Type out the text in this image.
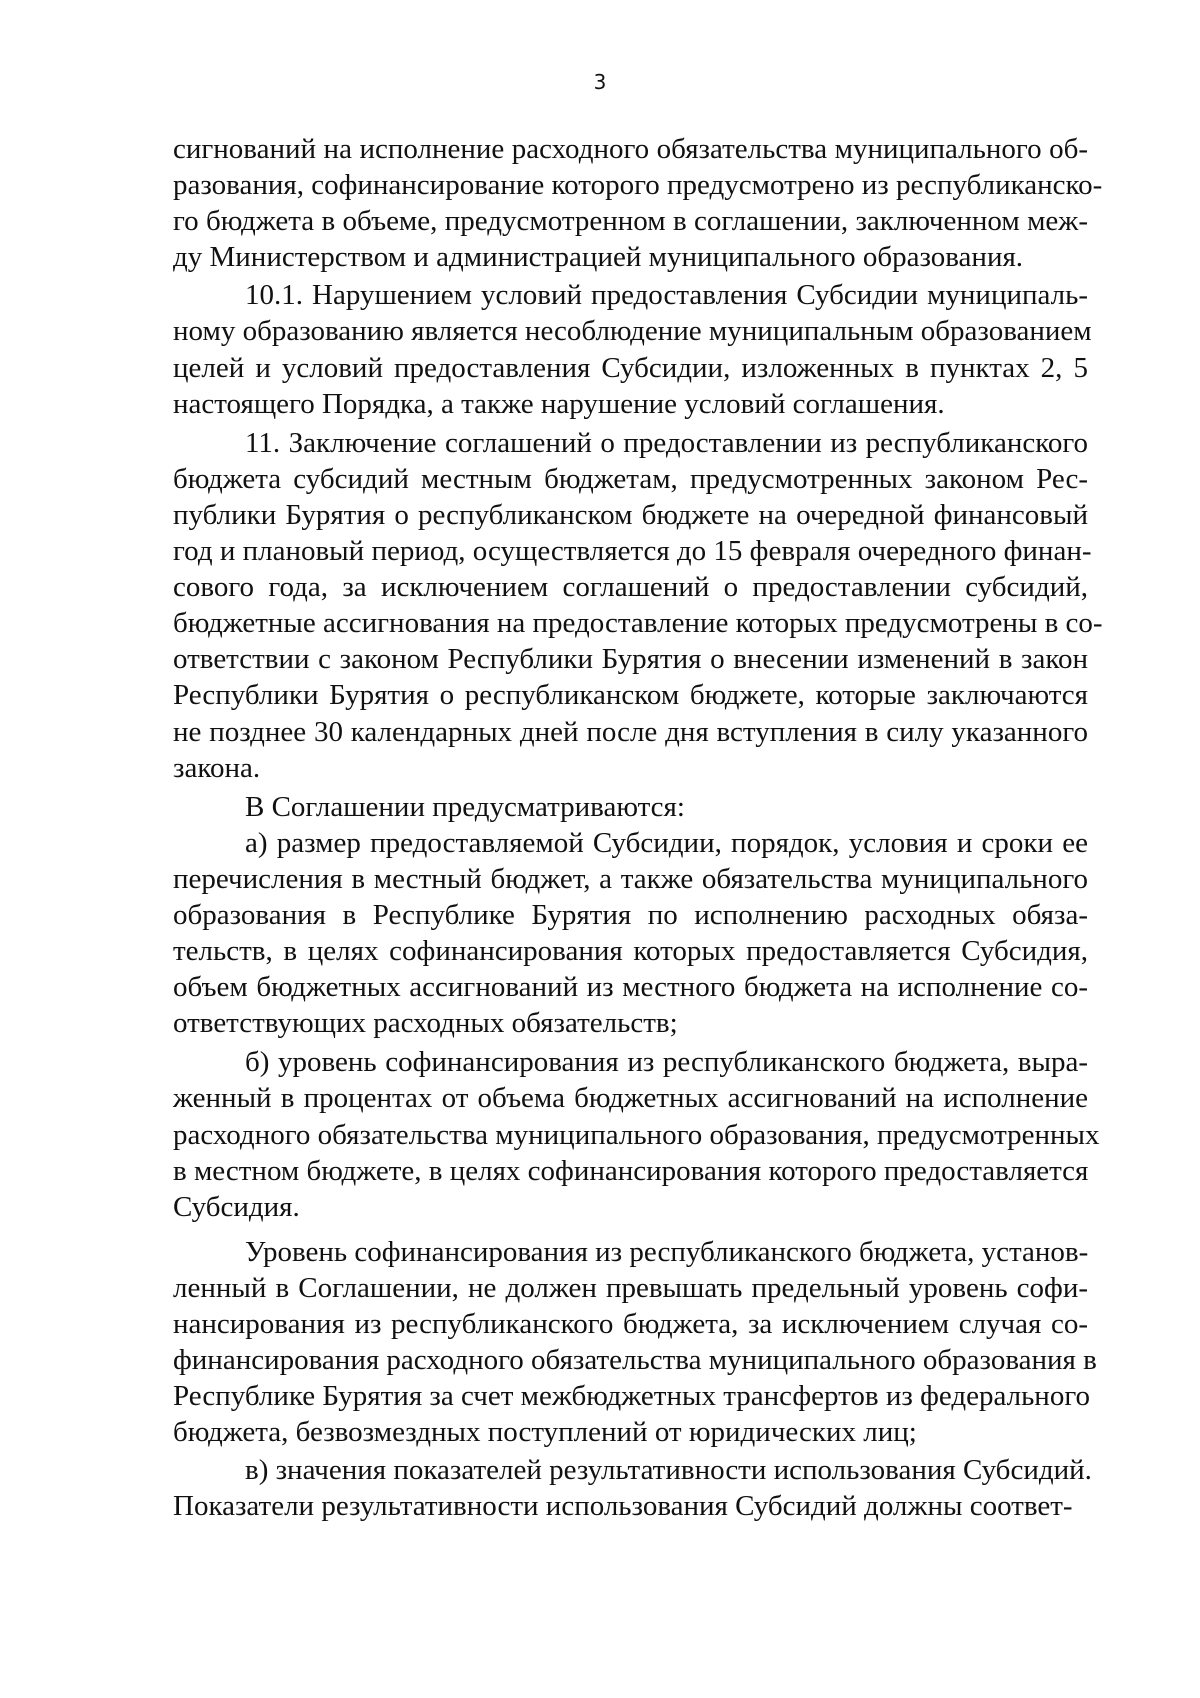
3

сигнований на исполнение расходного обязательства муниципального об-
разования, софинансирование которого предусмотрено из республиканско-
го бюджета в объеме, предусмотренном в соглашении, заключенном меж-
ду Министерством и администрацией муниципального образования.

10.1. Нарушением условий предоставления Субсидии муниципаль-
ному образованию является несоблюдение муниципальным образованием
целей и условий предоставления Субсидии, изложенных в пунктах 2, 5
настоящего Порядка, а также нарушение условий соглашения.

11. Заключение соглашений о предоставлении из республиканского
бюджета субсидий местным бюджетам, предусмотренных законом Рес-
публики Бурятия о республиканском бюджете на очередной финансовый
год и плановый период, осуществляется до 15 февраля очередного финан-
сового года, за исключением соглашений о предоставлении субсидий,
бюджетные ассигнования на предоставление которых предусмотрены в со-
ответствии с законом Республики Бурятия о внесении изменений в закон
Республики Бурятия о республиканском бюджете, которые заключаются
не позднее 30 календарных дней после дня вступления в силу указанного
закона.

В Соглашении предусматриваются:

а) размер предоставляемой Субсидии, порядок, условия и сроки ее
перечисления в местный бюджет, а также обязательства муниципального
образования в Республике Бурятия по исполнению расходных обяза-
тельств, в целях софинансирования которых предоставляется Субсидия,
объем бюджетных ассигнований из местного бюджета на исполнение со-
ответствующих расходных обязательств;

б) уровень софинансирования из республиканского бюджета, выра-
женный в процентах от объема бюджетных ассигнований на исполнение
расходного обязательства муниципального образования, предусмотренных
в местном бюджете, в целях софинансирования которого предоставляется
Субсидия.

Уровень софинансирования из республиканского бюджета, установ-
ленный в Соглашении, не должен превышать предельный уровень софи-
нансирования из республиканского бюджета, за исключением случая со-
финансирования расходного обязательства муниципального образования в
Республике Бурятия за счет межбюджетных трансфертов из федерального
бюджета, безвозмездных поступлений от юридических лиц;

в) значения показателей результативности использования Субсидий.
Показатели результативности использования Субсидий должны соответ-
